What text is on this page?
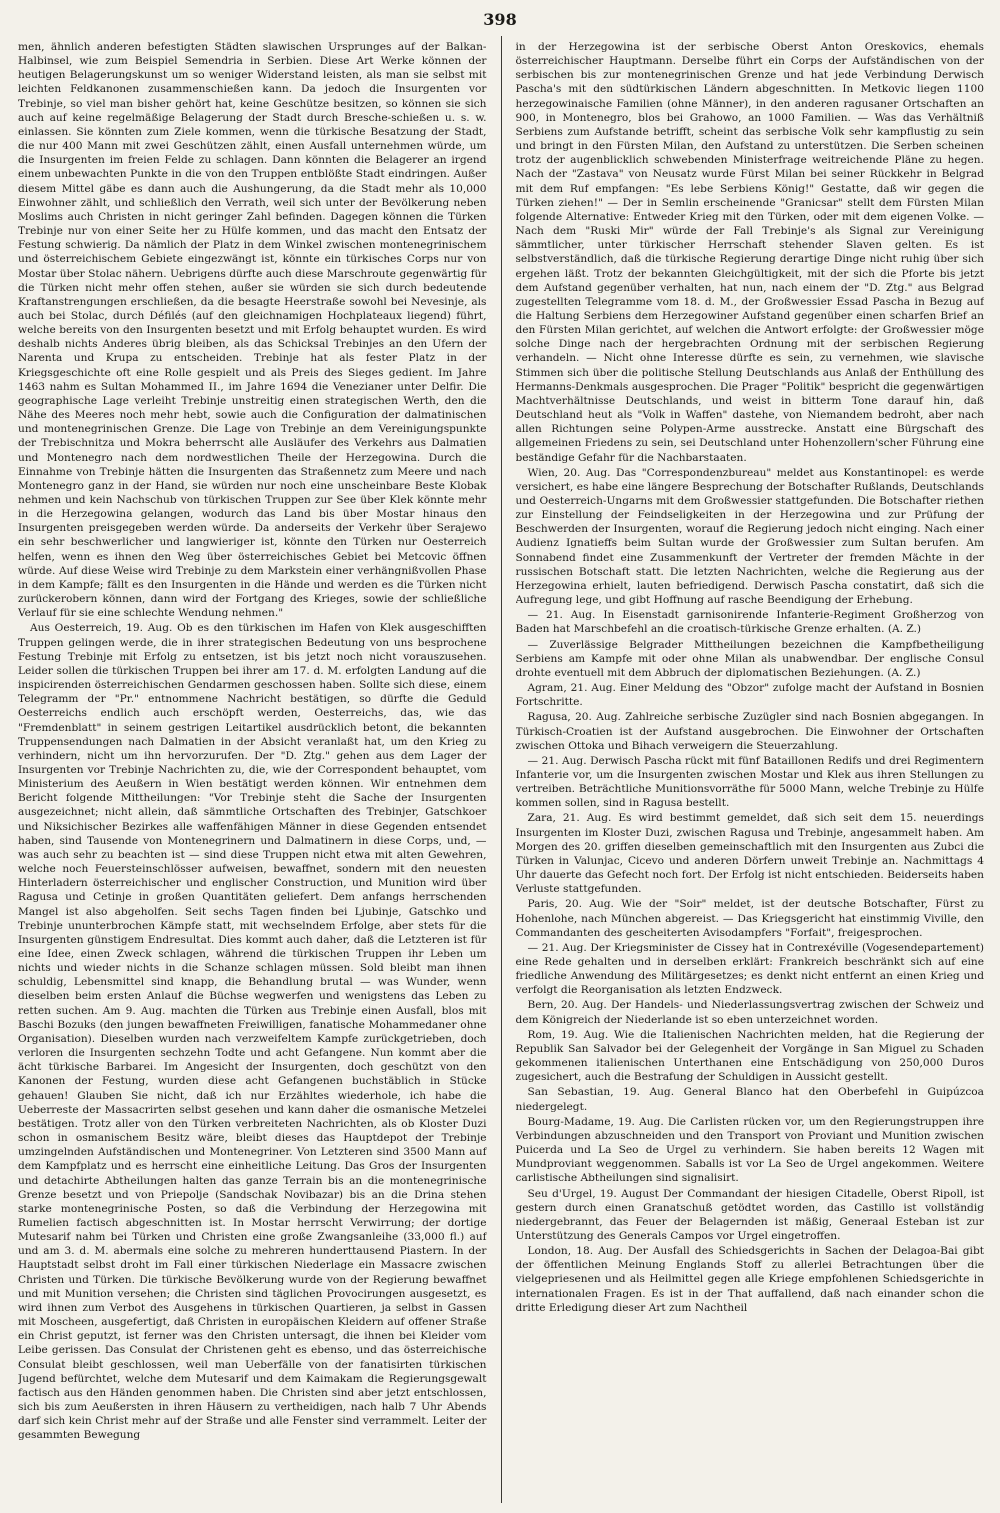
398

men, ähnlich anderen befestigten Städten slawischen Ursprunges auf der Balkan-Halbinsel, wie zum Beispiel Semendria in Serbien. Diese Art Werke können der heutigen Belagerungskunst um so weniger Widerstand leisten, als man sie selbst mit leichten Feldkanonen zusammenschießen kann. Da jedoch die Insurgenten vor Trebinje, so viel man bisher gehört hat, keine Geschütze besitzen, so können sie sich auch auf keine regelmäßige Belagerung der Stadt durch Bresche-schießen u. s. w. einlassen. Sie könnten zum Ziele kommen, wenn die türkische Besatzung der Stadt, die nur 400 Mann mit zwei Geschützen zählt, einen Ausfall unternehmen würde, um die Insurgenten im freien Felde zu schlagen. Dann könnten die Belagerer an irgend einem unbewachten Punkte in die von den Truppen entblößte Stadt eindringen. Außer diesem Mittel gäbe es dann auch die Aushungerung, da die Stadt mehr als 10,000 Einwohner zählt, und schließlich den Verrath, weil sich unter der Bevölkerung neben Moslims auch Christen in nicht geringer Zahl befinden. Dagegen können die Türken Trebinje nur von einer Seite her zu Hülfe kommen, und das macht den Entsatz der Festung schwierig. Da nämlich der Platz in dem Winkel zwischen montenegrinischem und österreichischem Gebiete eingezwängt ist, könnte ein türkisches Corps nur von Mostar über Stolac nähern. Uebrigens dürfte auch diese Marschroute gegenwärtig für die Türken nicht mehr offen stehen, außer sie würden sie sich durch bedeutende Kraftanstrengungen erschließen, da die besagte Heerstraße sowohl bei Nevesinje, als auch bei Stolac, durch Défilés (auf den gleichnamigen Hochplateaux liegend) führt, welche bereits von den Insurgenten besetzt und mit Erfolg behauptet wurden. Es wird deshalb nichts Anderes übrig bleiben, als das Schicksal Trebinjes an den Ufern der Narenta und Krupa zu entscheiden. Trebinje hat als fester Platz in der Kriegsgeschichte oft eine Rolle gespielt und als Preis des Sieges gedient. Im Jahre 1463 nahm es Sultan Mohammed II., im Jahre 1694 die Venezianer unter Delfir. Die geographische Lage verleiht Trebinje unstreitig einen strategischen Werth, den die Nähe des Meeres noch mehr hebt, sowie auch die Configuration der dalmatinischen und montenegrinischen Grenze. Die Lage von Trebinje an dem Vereinigungspunkte der Trebischnitza und Mokra beherrscht alle Ausläufer des Verkehrs aus Dalmatien und Montenegro nach dem nordwestlichen Theile der Herzegowina. Durch die Einnahme von Trebinje hätten die Insurgenten das Straßennetz zum Meere und nach Montenegro ganz in der Hand, sie würden nur noch eine unscheinbare Beste Klobak nehmen und kein Nachschub von türkischen Truppen zur See über Klek könnte mehr in die Herzegowina gelangen, wodurch das Land bis über Mostar hinaus den Insurgenten preisgegeben werden würde. Da anderseits der Verkehr über Serajewo ein sehr beschwerlicher und langwieriger ist, könnte den Türken nur Oesterreich helfen, wenn es ihnen den Weg über österreichisches Gebiet bei Metcovic öffnen würde. Auf diese Weise wird Trebinje zu dem Markstein einer verhängnißvollen Phase in dem Kampfe; fällt es den Insurgenten in die Hände und werden es die Türken nicht zurückerobern können, dann wird der Fortgang des Krieges, sowie der schließliche Verlauf für sie eine schlechte Wendung nehmen."

Aus Oesterreich, 19. Aug. Ob es den türkischen im Hafen von Klek ausgeschifften Truppen gelingen werde, die in ihrer strategischen Bedeutung von uns besprochene Festung Trebinje mit Erfolg zu entsetzen, ist bis jetzt noch nicht vorauszusehen. Leider sollen die türkischen Truppen bei ihrer am 17. d. M. erfolgten Landung auf die inspicirenden österreichischen Gendarmen geschossen haben. Sollte sich diese, einem Telegramm der "Pr." entnommene Nachricht bestätigen, so dürfte die Geduld Oesterreichs endlich auch erschöpft werden, Oesterreichs, das, wie das "Fremdenblatt" in seinem gestrigen Leitartikel ausdrücklich betont, die bekannten Truppensendungen nach Dalmatien in der Absicht veranlaßt hat, um den Krieg zu verhindern, nicht um ihn hervorzurufen. Der "D. Ztg." gehen aus dem Lager der Insurgenten vor Trebinje Nachrichten zu, die, wie der Correspondent behauptet, vom Ministerium des Aeußern in Wien bestätigt werden können. Wir entnehmen dem Bericht folgende Mittheilungen: "Vor Trebinje steht die Sache der Insurgenten ausgezeichnet; nicht allein, daß sämmtliche Ortschaften des Trebinjer, Gatschkoer und Niksichischer Bezirkes alle waffenfähigen Männer in diese Gegenden entsendet haben, sind Tausende von Montenegrinern und Dalmatinern in diese Corps, und, — was auch sehr zu beachten ist — sind diese Truppen nicht etwa mit alten Gewehren, welche noch Feuersteinschlösser aufweisen, bewaffnet, sondern mit den neuesten Hinterladern österreichischer und englischer Construction, und Munition wird über Ragusa und Cetinje in großen Quantitäten geliefert. Dem anfangs herrschenden Mangel ist also abgeholfen. Seit sechs Tagen finden bei Ljubinje, Gatschko und Trebinje ununterbrochen Kämpfe statt, mit wechselndem Erfolge, aber stets für die Insurgenten günstigem Endresultat. Dies kommt auch daher, daß die Letzteren ist für eine Idee, einen Zweck schlagen, während die türkischen Truppen ihr Leben um nichts und wieder nichts in die Schanze schlagen müssen. Sold bleibt man ihnen schuldig, Lebensmittel sind knapp, die Behandlung brutal — was Wunder, wenn dieselben beim ersten Anlauf die Büchse wegwerfen und wenigstens das Leben zu retten suchen. Am 9. Aug. machten die Türken aus Trebinje einen Ausfall, blos mit Baschi Bozuks (den jungen bewaffneten Freiwilligen, fanatische Mohammedaner ohne Organisation). Dieselben wurden nach verzweifeltem Kampfe zurückgetrieben, doch verloren die Insurgenten sechzehn Todte und acht Gefangene. Nun kommt aber die ächt türkische Barbarei. Im Angesicht der Insurgenten, doch geschützt von den Kanonen der Festung, wurden diese acht Gefangenen buchstäblich in Stücke gehauen! Glauben Sie nicht, daß ich nur Erzähltes wiederhole, ich habe die Ueberreste der Massacrirten selbst gesehen und kann daher die osmanische Metzelei bestätigen. Trotz aller von den Türken verbreiteten Nachrichten, als ob Kloster Duzi schon in osmanischem Besitz wäre, bleibt dieses das Hauptdepot der Trebinje umzingelnden Aufständischen und Montenegriner. Von Letzteren sind 3500 Mann auf dem Kampfplatz und es herrscht eine einheitliche Leitung. Das Gros der Insurgenten und detachirte Abtheilungen halten das ganze Terrain bis an die montenegrinische Grenze besetzt und von Priepolje (Sandschak Novibazar) bis an die Drina stehen starke montenegrinische Posten, so daß die Verbindung der Herzegowina mit Rumelien factisch abgeschnitten ist. In Mostar herrscht Verwirrung; der dortige Mutesarif nahm bei Türken und Christen eine große Zwangsanleihe (33,000 fl.) auf und am 3. d. M. abermals eine solche zu mehreren hunderttausend Piastern. In der Hauptstadt selbst droht im Fall einer türkischen Niederlage ein Massacre zwischen Christen und Türken. Die türkische Bevölkerung wurde von der Regierung bewaffnet und mit Munition versehen; die Christen sind täglichen Provocirungen ausgesetzt, es wird ihnen zum Verbot des Ausgehens in türkischen Quartieren, ja selbst in Gassen mit Moscheen, ausgefertigt, daß Christen in europäischen Kleidern auf offener Straße ein Christ geputzt, ist ferner was den Christen untersagt, die ihnen bei Kleider vom Leibe gerissen. Das Consulat der Christenen geht es ebenso, und das österreichische Consulat bleibt geschlossen, weil man Ueberfälle von der fanatisirten türkischen Jugend befürchtet, welche dem Mutesarif und dem Kaimakam die Regierungsgewalt factisch aus den Händen genommen haben. Die Christen sind aber jetzt entschlossen, sich bis zum Aeußersten in ihren Häusern zu vertheidigen, nach halb 7 Uhr Abends darf sich kein Christ mehr auf der Straße und alle Fenster sind verrammelt. Leiter der gesammten Bewegung

in der Herzegowina ist der serbische Oberst Anton Oreskovics, ehemals österreichischer Hauptmann. Derselbe führt ein Corps der Aufständischen von der serbischen bis zur montenegrinischen Grenze und hat jede Verbindung Derwisch Pascha's mit den südtürkischen Ländern abgeschnitten. In Metkovic liegen 1100 herzegowinaische Familien (ohne Männer), in den anderen ragusaner Ortschaften an 900, in Montenegro, blos bei Grahowo, an 1000 Familien. — Was das Verhältniß Serbiens zum Aufstande betrifft, scheint das serbische Volk sehr kampflustig zu sein und bringt in den Fürsten Milan, den Aufstand zu unterstützen. Die Serben scheinen trotz der augenblicklich schwebenden Ministerfrage weitreichende Pläne zu hegen. Nach der "Zastava" von Neusatz wurde Fürst Milan bei seiner Rückkehr in Belgrad mit dem Ruf empfangen: "Es lebe Serbiens König!" Gestatte, daß wir gegen die Türken ziehen!" — Der in Semlin erscheinende "Granicsar" stellt dem Fürsten Milan folgende Alternative: Entweder Krieg mit den Türken, oder mit dem eigenen Volke. — Nach dem "Ruski Mir" würde der Fall Trebinje's als Signal zur Vereinigung sämmtlicher, unter türkischer Herrschaft stehender Slaven gelten. Es ist selbstverständlich, daß die türkische Regierung derartige Dinge nicht ruhig über sich ergehen läßt. Trotz der bekannten Gleichgültigkeit, mit der sich die Pforte bis jetzt dem Aufstand gegenüber verhalten, hat nun, nach einem der "D. Ztg." aus Belgrad zugestellten Telegramme vom 18. d. M., der Großwessier Essad Pascha in Bezug auf die Haltung Serbiens dem Herzegowiner Aufstand gegenüber einen scharfen Brief an den Fürsten Milan gerichtet, auf welchen die Antwort erfolgte: der Großwessier möge solche Dinge nach der hergebrachten Ordnung mit der serbischen Regierung verhandeln. — Nicht ohne Interesse dürfte es sein, zu vernehmen, wie slavische Stimmen sich über die politische Stellung Deutschlands aus Anlaß der Enthüllung des Hermanns-Denkmals ausgesprochen. Die Prager "Politik" bespricht die gegenwärtigen Machtverhältnisse Deutschlands, und weist in bitterm Tone darauf hin, daß Deutschland heut als "Volk in Waffen" dastehe, von Niemandem bedroht, aber nach allen Richtungen seine Polypen-Arme ausstrecke. Anstatt eine Bürgschaft des allgemeinen Friedens zu sein, sei Deutschland unter Hohenzollern'scher Führung eine beständige Gefahr für die Nachbarstaaten.

Wien, 20. Aug. Das "Correspondenzbureau" meldet aus Konstantinopel: es werde versichert, es habe eine längere Besprechung der Botschafter Rußlands, Deutschlands und Oesterreich-Ungarns mit dem Großwessier stattgefunden. Die Botschafter riethen zur Einstellung der Feindseligkeiten in der Herzegowina und zur Prüfung der Beschwerden der Insurgenten, worauf die Regierung jedoch nicht einging. Nach einer Audienz Ignatieffs beim Sultan wurde der Großwessier zum Sultan berufen. Am Sonnabend findet eine Zusammenkunft der Vertreter der fremden Mächte in der russischen Botschaft statt. Die letzten Nachrichten, welche die Regierung aus der Herzegowina erhielt, lauten befriedigend. Derwisch Pascha constatirt, daß sich die Aufregung lege, und gibt Hoffnung auf rasche Beendigung der Erhebung.

— 21. Aug. In Eisenstadt garnisonirende Infanterie-Regiment Großherzog von Baden hat Marschbefehl an die croatisch-türkische Grenze erhalten. (A. Z.)

— Zuverlässige Belgrader Mittheilungen bezeichnen die Kampfbetheiligung Serbiens am Kampfe mit oder ohne Milan als unabwendbar. Der englische Consul drohte eventuell mit dem Abbruch der diplomatischen Beziehungen. (A. Z.)

Agram, 21. Aug. Einer Meldung des "Obzor" zufolge macht der Aufstand in Bosnien Fortschritte.

Ragusa, 20. Aug. Zahlreiche serbische Zuzügler sind nach Bosnien abgegangen. In Türkisch-Croatien ist der Aufstand ausgebrochen. Die Einwohner der Ortschaften zwischen Ottoka und Bihach verweigern die Steuerzahlung.

— 21. Aug. Derwisch Pascha rückt mit fünf Bataillonen Redifs und drei Regimentern Infanterie vor, um die Insurgenten zwischen Mostar und Klek aus ihren Stellungen zu vertreiben. Beträchtliche Munitionsvorräthe für 5000 Mann, welche Trebinje zu Hülfe kommen sollen, sind in Ragusa bestellt.

Zara, 21. Aug. Es wird bestimmt gemeldet, daß sich seit dem 15. neuerdings Insurgenten im Kloster Duzi, zwischen Ragusa und Trebinje, angesammelt haben. Am Morgen des 20. griffen dieselben gemeinschaftlich mit den Insurgenten aus Zubci die Türken in Valunjac, Cicevo und anderen Dörfern unweit Trebinje an. Nachmittags 4 Uhr dauerte das Gefecht noch fort. Der Erfolg ist nicht entschieden. Beiderseits haben Verluste stattgefunden.

Paris, 20. Aug. Wie der "Soir" meldet, ist der deutsche Botschafter, Fürst zu Hohenlohe, nach München abgereist. — Das Kriegsgericht hat einstimmig Viville, den Commandanten des gescheiterten Avisodampfers "Forfait", freigesprochen.

— 21. Aug. Der Kriegsminister de Cissey hat in Contrexéville (Vogesendepartement) eine Rede gehalten und in derselben erklärt: Frankreich beschränkt sich auf eine friedliche Anwendung des Militärgesetzes; es denkt nicht entfernt an einen Krieg und verfolgt die Reorganisation als letzten Endzweck.

Bern, 20. Aug. Der Handels- und Niederlassungsvertrag zwischen der Schweiz und dem Königreich der Niederlande ist so eben unterzeichnet worden.

Rom, 19. Aug. Wie die Italienischen Nachrichten melden, hat die Regierung der Republik San Salvador bei der Gelegenheit der Vorgänge in San Miguel zu Schaden gekommenen italienischen Unterthanen eine Entschädigung von 250,000 Duros zugesichert, auch die Bestrafung der Schuldigen in Aussicht gestellt.

San Sebastian, 19. Aug. General Blanco hat den Oberbefehl in Guipúzcoa niedergelegt.

Bourg-Madame, 19. Aug. Die Carlisten rücken vor, um den Regierungstruppen ihre Verbindungen abzuschneiden und den Transport von Proviant und Munition zwischen Puicerda und La Seo de Urgel zu verhindern. Sie haben bereits 12 Wagen mit Mundproviant weggenommen. Saballs ist vor La Seo de Urgel angekommen. Weitere carlistische Abtheilungen sind signalisirt.

Seu d'Urgel, 19. August Der Commandant der hiesigen Citadelle, Oberst Ripoll, ist gestern durch einen Granatschuß getödtet worden, das Castillo ist vollständig niedergebrannt, das Feuer der Belagernden ist mäßig, Generaal Esteban ist zur Unterstützung des Generals Campos vor Urgel eingetroffen.

London, 18. Aug. Der Ausfall des Schiedsgerichts in Sachen der Delagoa-Bai gibt der öffentlichen Meinung Englands Stoff zu allerlei Betrachtungen über die vielgepriesenen und als Heilmittel gegen alle Kriege empfohlenen Schiedsgerichte in internationalen Fragen. Es ist in der That auffallend, daß nach einander schon die dritte Erledigung dieser Art zum Nachtheil
